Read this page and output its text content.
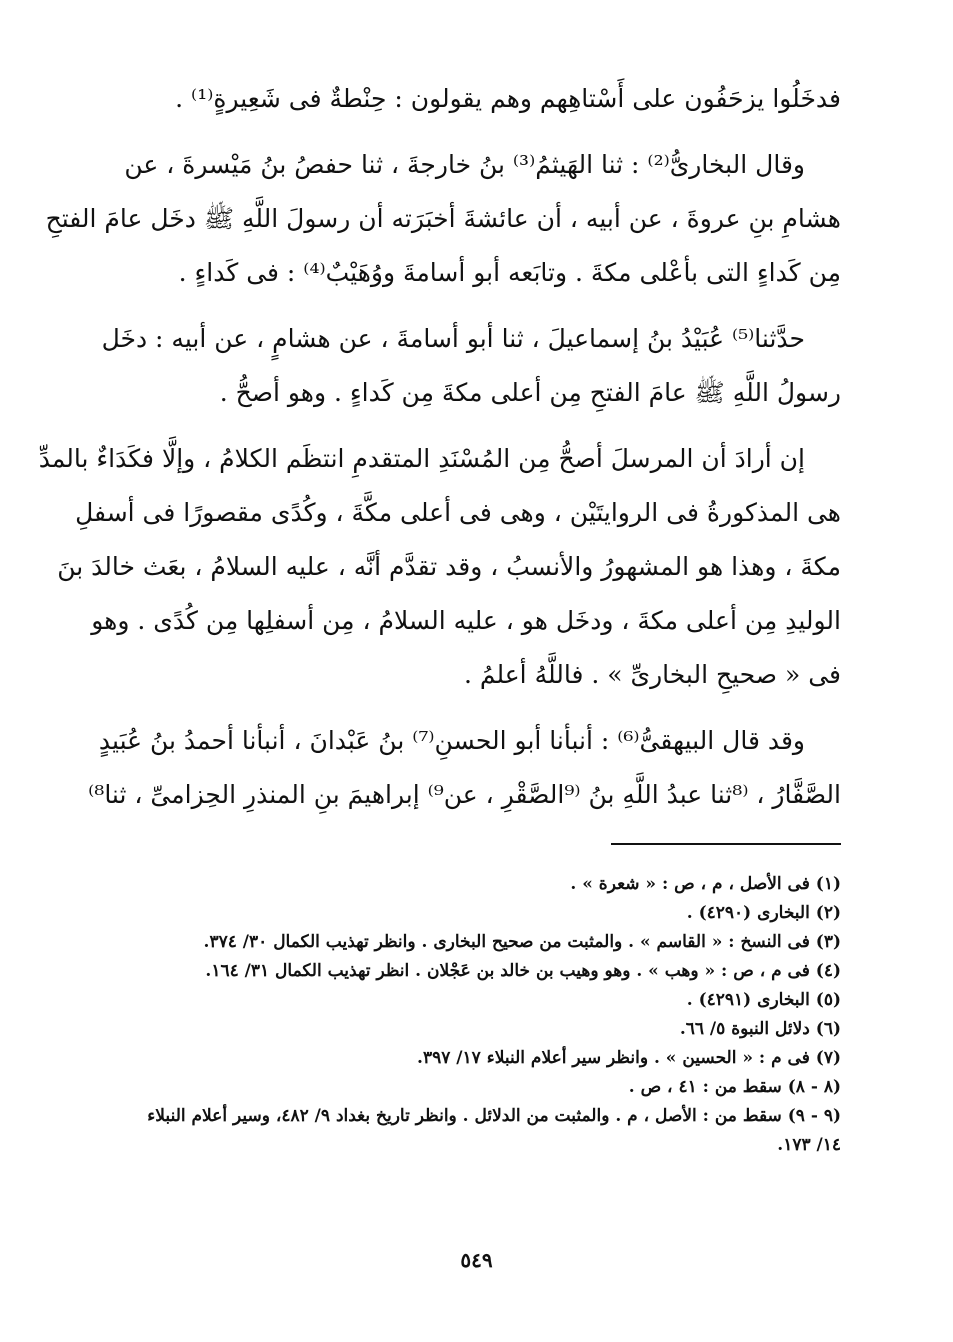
فدخَلُوا يزحَفُون على أَسْتاهِهم وهم يقولون : حِنْطةٌ فى شَعِيرةٍ⁽¹⁾ .

وقال البخارىُّ⁽²⁾ : ثنا الهَيثمُ⁽³⁾ بنُ خارجةَ ، ثنا حفصُ بنُ مَيْسرةَ ، عن
هشامِ بنِ عروةَ ، عن أبيه ، أن عائشةَ أخبَرَته أن رسولَ اللَّهِ ﷺ دخَل عامَ الفتحِ
مِن كَداءٍ التى بأعْلى مكةَ . وتابَعه أبو أسامةَ ووُهَيْبٌ⁽⁴⁾ : فى كَداءٍ .

حدَّثنا⁽⁵⁾ عُبَيْدُ بنُ إسماعيلَ ، ثنا أبو أسامةَ ، عن هشامٍ ، عن أبيه : دخَل
رسولُ اللَّهِ ﷺ عامَ الفتحِ مِن أعلى مكةَ مِن كَداءٍ . وهو أصحُّ .

إن أرادَ أن المرسلَ أصحُّ مِن المُسْنَدِ المتقدمِ انتظَم الكلامُ ، وإلَّا فكَدَاءٌ بالمدِّ
هى المذكورةُ فى الروايتَيْن ، وهى فى أعلى مكَّةَ ، وكُدًى مقصورًا فى أسفلِ
مكةَ ، وهذا هو المشهورُ والأنسبُ ، وقد تقدَّم أنَّه ، عليه السلامُ ، بعَث خالدَ بنَ
الوليدِ مِن أعلى مكةَ ، ودخَل هو ، عليه السلامُ ، مِن أسفلِها مِن كُدًى . وهو
فى « صحيحِ البخارىِّ » . فاللَّهُ أعلمُ .

وقد قال البيهقىُّ⁽⁶⁾ : أنبأنا أبو الحسنِ⁽⁷⁾ بنُ عَبْدانَ ، أنبأنا أحمدُ بنُ عُبَيدٍ
الصَّفَّارُ ، ⁽⁸ثنا عبدُ اللَّهِ بنُ ⁽⁹الصَّقْرِ ، عن⁹⁾ إبراهيمَ بنِ المنذرِ الحِزامىِّ ، ثنا⁸⁾

(١) فى الأصل ، م ، ص : « شعرة » .
(٢) البخارى (٤٢٩٠) .
(٣) فى النسخ : « القاسم » . والمثبت من صحيح البخارى . وانظر تهذيب الكمال ٣٠/ ٣٧٤.
(٤) فى م ، ص : « وهب » . وهو وهيب بن خالد بن عَجْلان . انظر تهذيب الكمال ٣١/ ١٦٤.
(٥) البخارى (٤٢٩١) .
(٦) دلائل النبوة ٥/ ٦٦.
(٧) فى م : « الحسين » . وانظر سير أعلام النبلاء ١٧/ ٣٩٧.
(٨ - ٨) سقط من : ٤١ ، ص .
(٩ - ٩) سقط من : الأصل ، م . والمثبت من الدلائل . وانظر تاريخ بغداد ٩/ ٤٨٢، وسير أعلام النبلاء ١٤/ ١٧٣.
٥٤٩
